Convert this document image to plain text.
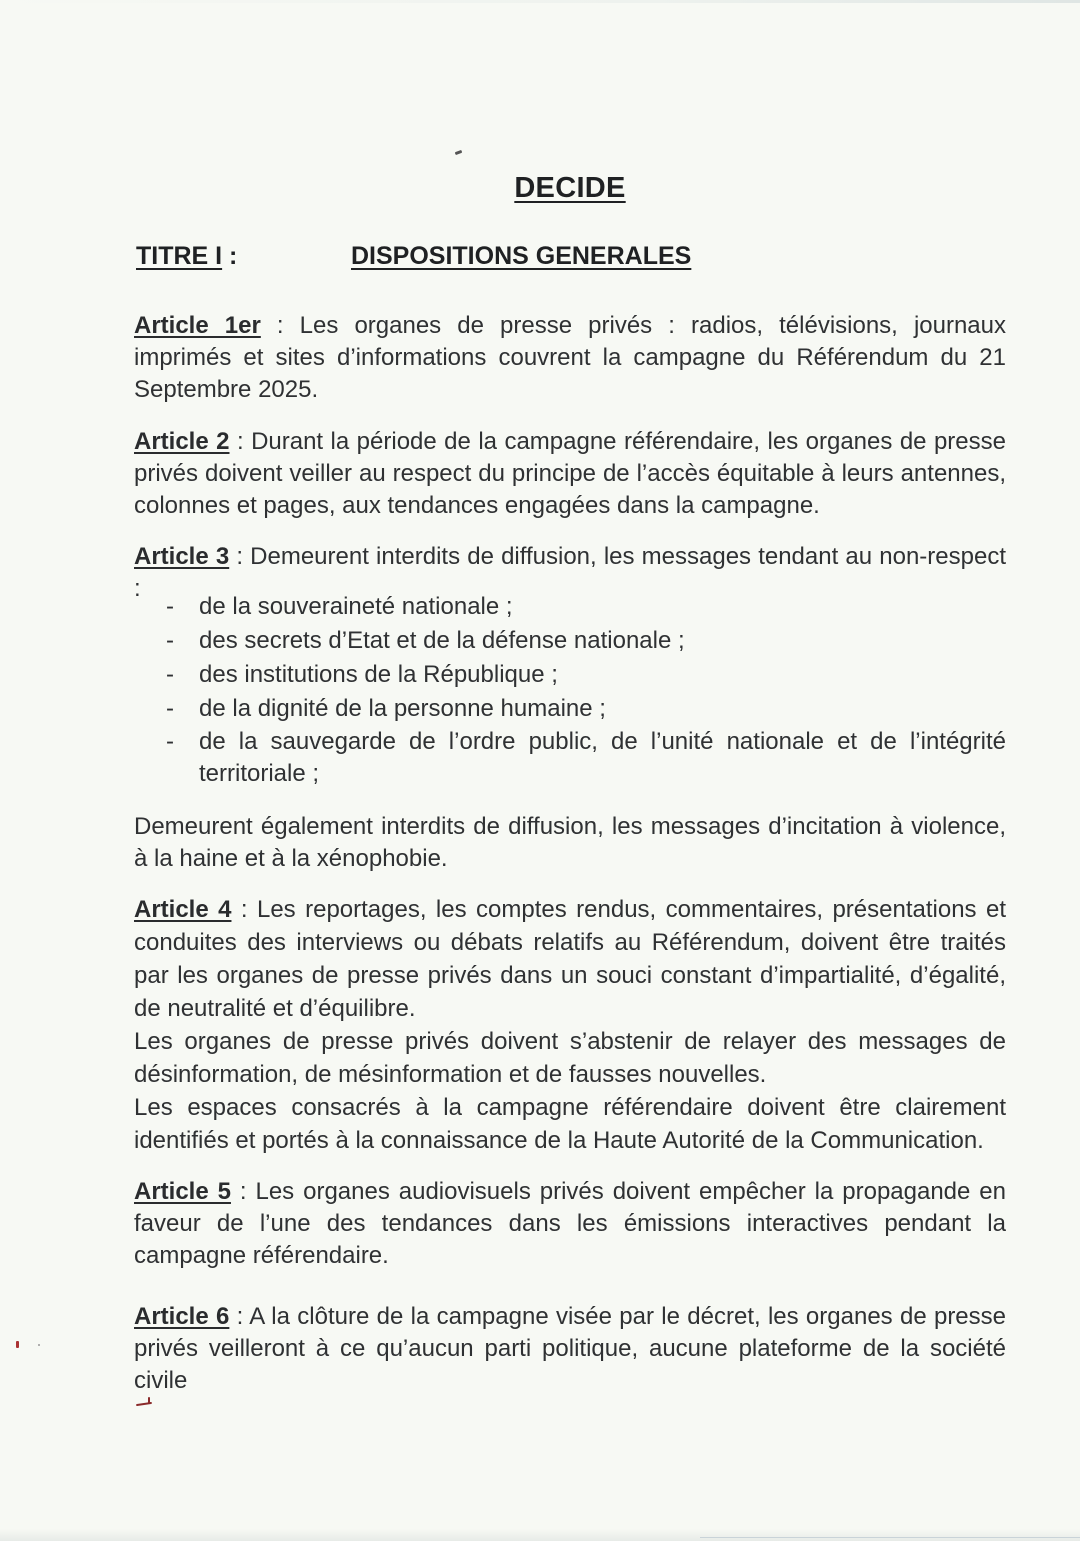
DECIDE
TITRE I :	DISPOSITIONS GENERALES
Article 1er : Les organes de presse privés : radios, télévisions, journaux imprimés et sites d’informations couvrent la campagne du Référendum du 21 Septembre 2025.
Article 2 : Durant la période de la campagne référendaire, les organes de presse privés doivent veiller au respect du principe de l’accès équitable à leurs antennes, colonnes et pages, aux tendances engagées dans la campagne.
Article 3 : Demeurent interdits de diffusion, les messages tendant au non-respect :
- de la souveraineté nationale ;
- des secrets d’Etat et de la défense nationale ;
- des institutions de la République ;
- de la dignité de la personne humaine ;
- de la sauvegarde de l’ordre public, de l’unité nationale et de l’intégrité territoriale ;
Demeurent également interdits de diffusion, les messages d’incitation à violence, à la haine et à la xénophobie.
Article 4 : Les reportages, les comptes rendus, commentaires, présentations et conduites des interviews ou débats relatifs au Référendum, doivent être traités par les organes de presse privés dans un souci constant d’impartialité, d’égalité, de neutralité et d’équilibre.
Les organes de presse privés doivent s’abstenir de relayer des messages de désinformation, de mésinformation et de fausses nouvelles.
Les espaces consacrés à la campagne référendaire doivent être clairement identifiés et portés à la connaissance de la Haute Autorité de la Communication.
Article 5 : Les organes audiovisuels privés doivent empêcher la propagande en faveur de l’une des tendances dans les émissions interactives pendant la campagne référendaire.
Article 6 : A la clôture de la campagne visée par le décret, les organes de presse privés veilleront à ce qu’aucun parti politique, aucune plateforme de la société civile
